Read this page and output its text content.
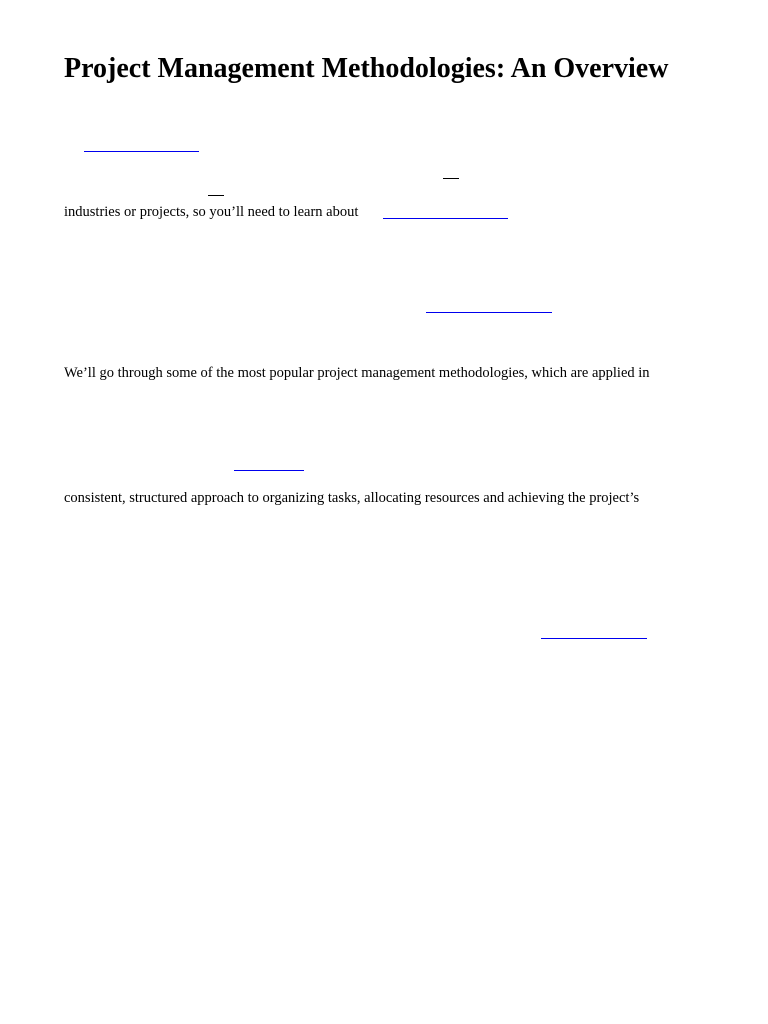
Project Management Methodologies: An Overview

industries or projects, so you’ll need to learn about

We’ll go through some of the most popular project management methodologies, which are applied in

consistent, structured approach to organizing tasks, allocating resources and achieving the project’s
